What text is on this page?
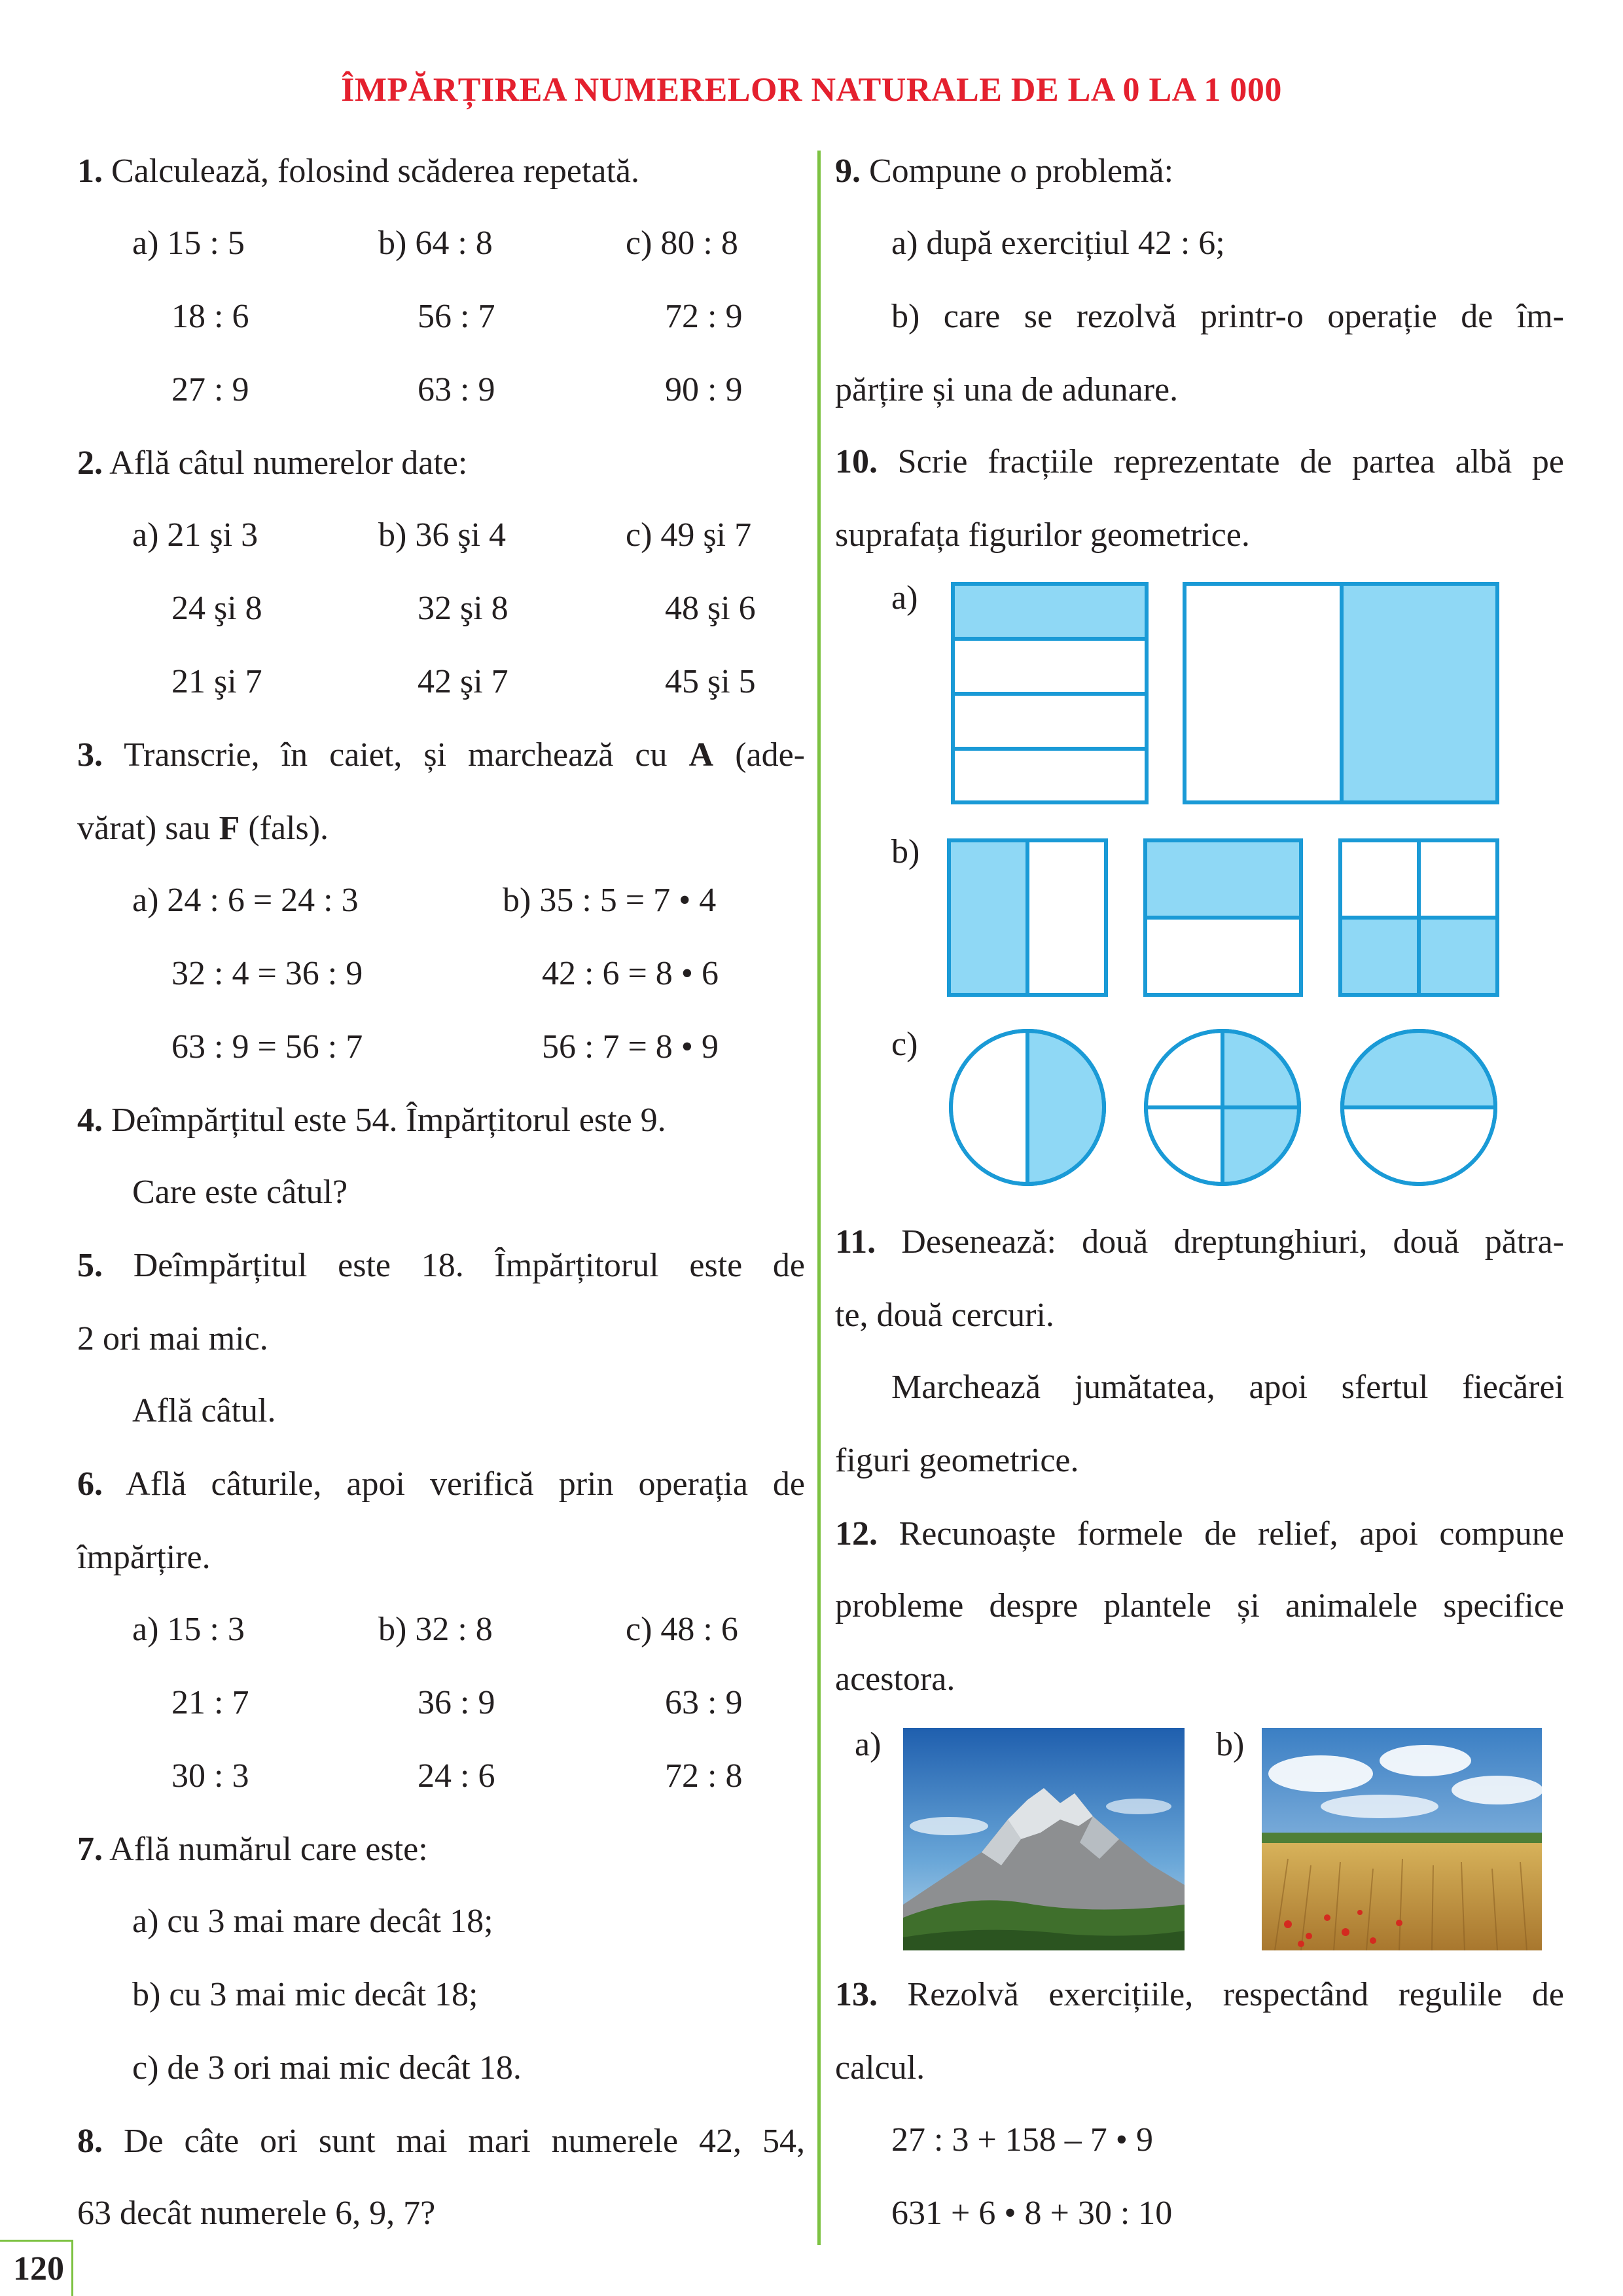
ÎMPĂRȚIREA NUMERELOR NATURALE DE LA 0 LA 1 000
1. Calculează, folosind scăderea repetată.
a) 15 : 5
18 : 6
27 : 9
b) 64 : 8
56 : 7
63 : 9
c) 80 : 8
72 : 9
90 : 9
2. Află câtul numerelor date:
a) 21 şi 3
24 şi 8
21 şi 7
b) 36 şi 4
32 şi 8
42 şi 7
c) 49 şi 7
48 şi 6
45 şi 5
3. Transcrie, în caiet, și marchează cu A (ade-
vărat) sau F (fals).
a) 24 : 6 = 24 : 3
32 : 4 = 36 : 9
63 : 9 = 56 : 7
b) 35 : 5 = 7 • 4
42 : 6 = 8 • 6
56 : 7 = 8 • 9
4. Deîmpărțitul este 54. Împărțitorul este 9.
Care este câtul?
5. Deîmpărțitul este 18. Împărțitorul este de
2 ori mai mic.
Află câtul.
6. Află câturile, apoi verifică prin operația de
împărțire.
a) 15 : 3
21 : 7
30 : 3
b) 32 : 8
36 : 9
24 : 6
c) 48 : 6
63 : 9
72 : 8
7. Află numărul care este:
a) cu 3 mai mare decât 18;
b) cu 3 mai mic decât 18;
c) de 3 ori mai mic decât 18.
8. De câte ori sunt mai mari numerele 42, 54,
63 decât numerele 6, 9, 7?
120
9. Compune o problemă:
a) după exercițiul 42 : 6;
b) care se rezolvă printr-o operație de îm-
părțire și una de adunare.
10. Scrie fracțiile reprezentate de partea albă pe
suprafața figurilor geometrice.
a)
b)
c)
11. Desenează: două dreptunghiuri, două pătra-
te, două cercuri.
Marchează jumătatea, apoi sfertul fiecărei
figuri geometrice.
12. Recunoaște formele de relief, apoi compune
probleme despre plantele și animalele specifice
acestora.
a)	b)
13. Rezolvă exercițiile, respectând regulile de
calcul.
27 : 3 + 158 – 7 • 9
631 + 6 • 8 + 30 : 10
